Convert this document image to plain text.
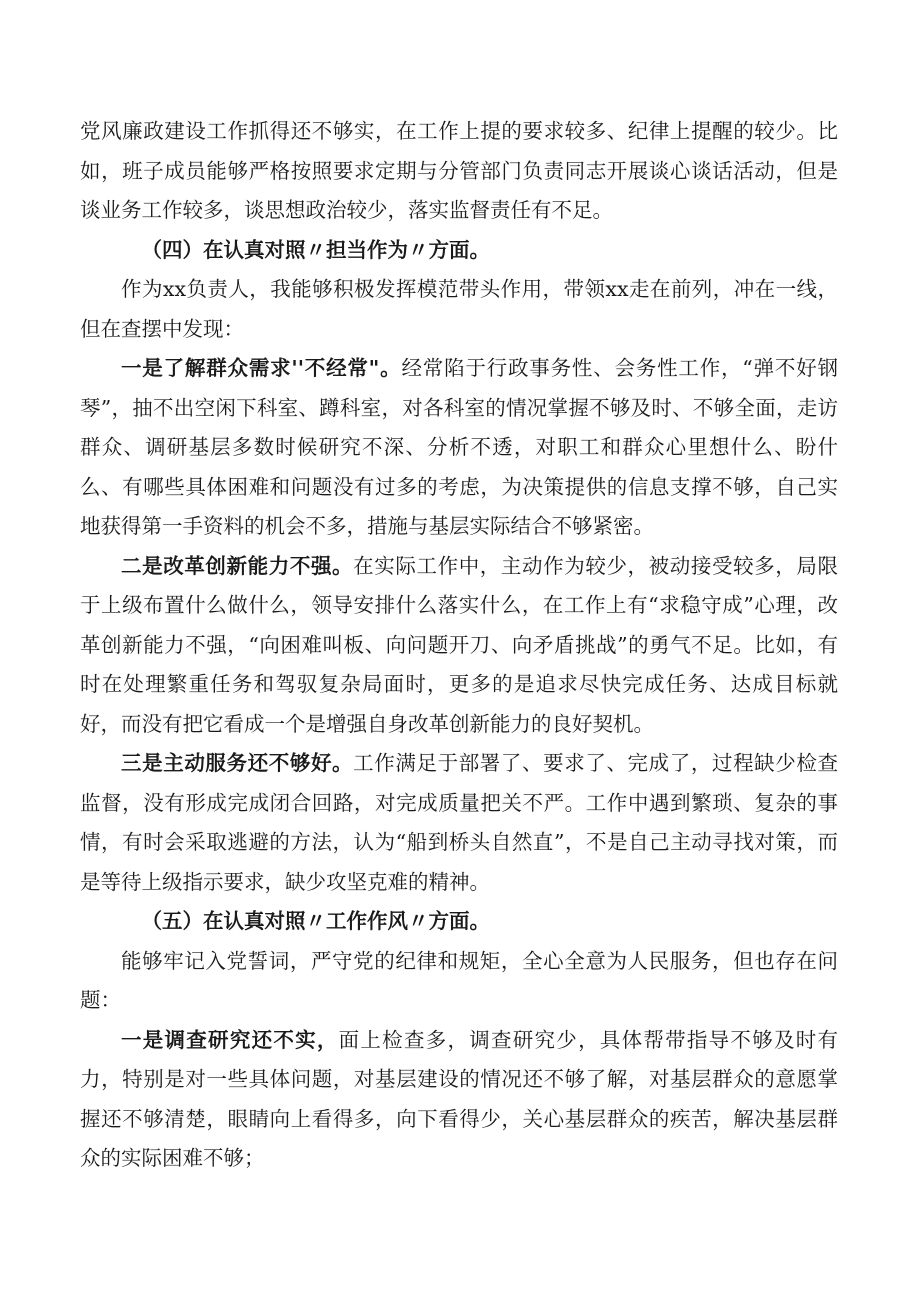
党风廉政建设工作抓得还不够实，在工作上提的要求较多、纪律上提醒的较少。比如，班子成员能够严格按照要求定期与分管部门负责同志开展谈心谈话活动，但是谈业务工作较多，谈思想政治较少，落实监督责任有不足。

（四）在认真对照〃担当作为〃方面。

作为xx负责人，我能够积极发挥模范带头作用，带领xx走在前列，冲在一线，但在查摆中发现：

一是了解群众需求''不经常"。经常陷于行政事务性、会务性工作，“弹不好钢琴”，抽不出空闲下科室、蹲科室，对各科室的情况掌握不够及时、不够全面，走访群众、调研基层多数时候研究不深、分析不透，对职工和群众心里想什么、盼什么、有哪些具体困难和问题没有过多的考虑，为决策提供的信息支撑不够，自己实地获得第一手资料的机会不多，措施与基层实际结合不够紧密。

二是改革创新能力不强。在实际工作中，主动作为较少，被动接受较多，局限于上级布置什么做什么，领导安排什么落实什么，在工作上有“求稳守成”心理，改革创新能力不强，“向困难叫板、向问题开刀、向矛盾挑战”的勇气不足。比如，有时在处理繁重任务和驾驭复杂局面时，更多的是追求尽快完成任务、达成目标就好，而没有把它看成一个是增强自身改革创新能力的良好契机。

三是主动服务还不够好。工作满足于部署了、要求了、完成了，过程缺少检查监督，没有形成完成闭合回路，对完成质量把关不严。工作中遇到繁琐、复杂的事情，有时会采取逃避的方法，认为“船到桥头自然直”，不是自己主动寻找对策，而是等待上级指示要求，缺少攻坚克难的精神。

（五）在认真对照〃工作作风〃方面。

能够牢记入党誓词，严守党的纪律和规矩，全心全意为人民服务，但也存在问题：

一是调查研究还不实，面上检查多，调查研究少，具体帮带指导不够及时有力，特别是对一些具体问题，对基层建设的情况还不够了解，对基层群众的意愿掌握还不够清楚，眼睛向上看得多，向下看得少，关心基层群众的疾苦，解决基层群众的实际困难不够；
